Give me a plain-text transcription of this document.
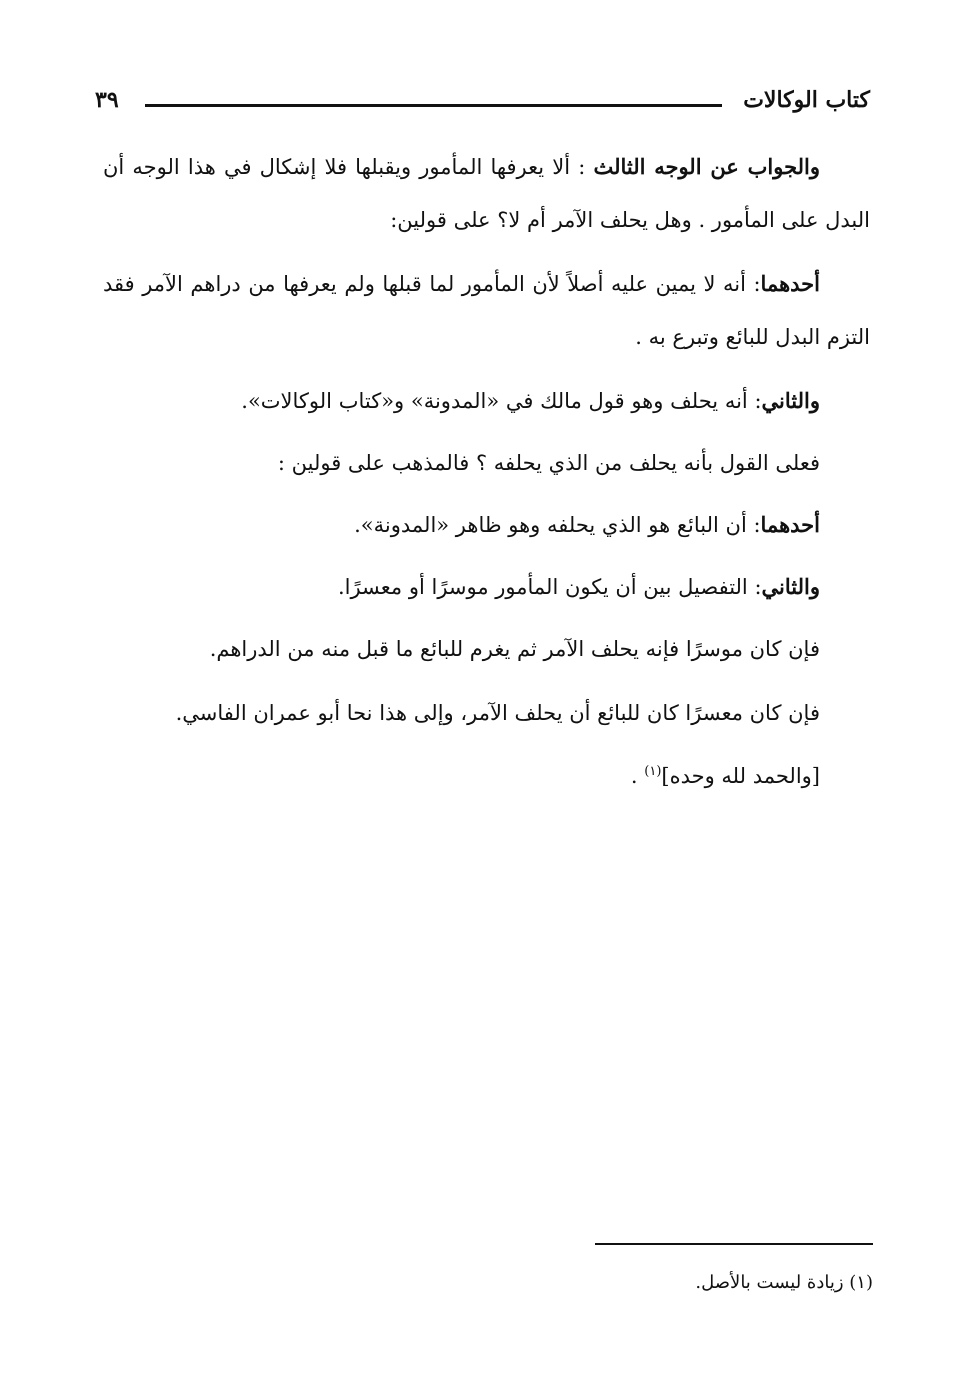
كتاب الوكالات
٣٩

والجواب عن الوجه الثالث : ألا يعرفها المأمور ويقبلها فلا إشكال في هذا الوجه أن البدل على المأمور . وهل يحلف الآمر أم لا؟ على قولين:

أحدهما: أنه لا يمين عليه أصلاً لأن المأمور لما قبلها ولم يعرفها من دراهم الآمر فقد التزم البدل للبائع وتبرع به .

والثاني: أنه يحلف وهو قول مالك في «المدونة» و«كتاب الوكالات».

فعلى القول بأنه يحلف من الذي يحلفه ؟ فالمذهب على قولين :

أحدهما: أن البائع هو الذي يحلفه وهو ظاهر «المدونة».

والثاني: التفصيل بين أن يكون المأمور موسرًا أو معسرًا.

فإن كان موسرًا فإنه يحلف الآمر ثم يغرم للبائع ما قبل منه من الدراهم.

فإن كان معسرًا كان للبائع أن يحلف الآمر، وإلى هذا نحا أبو عمران الفاسي.

[والحمد لله وحده]$^{(١)}$ .

(١) زيادة ليست بالأصل.
